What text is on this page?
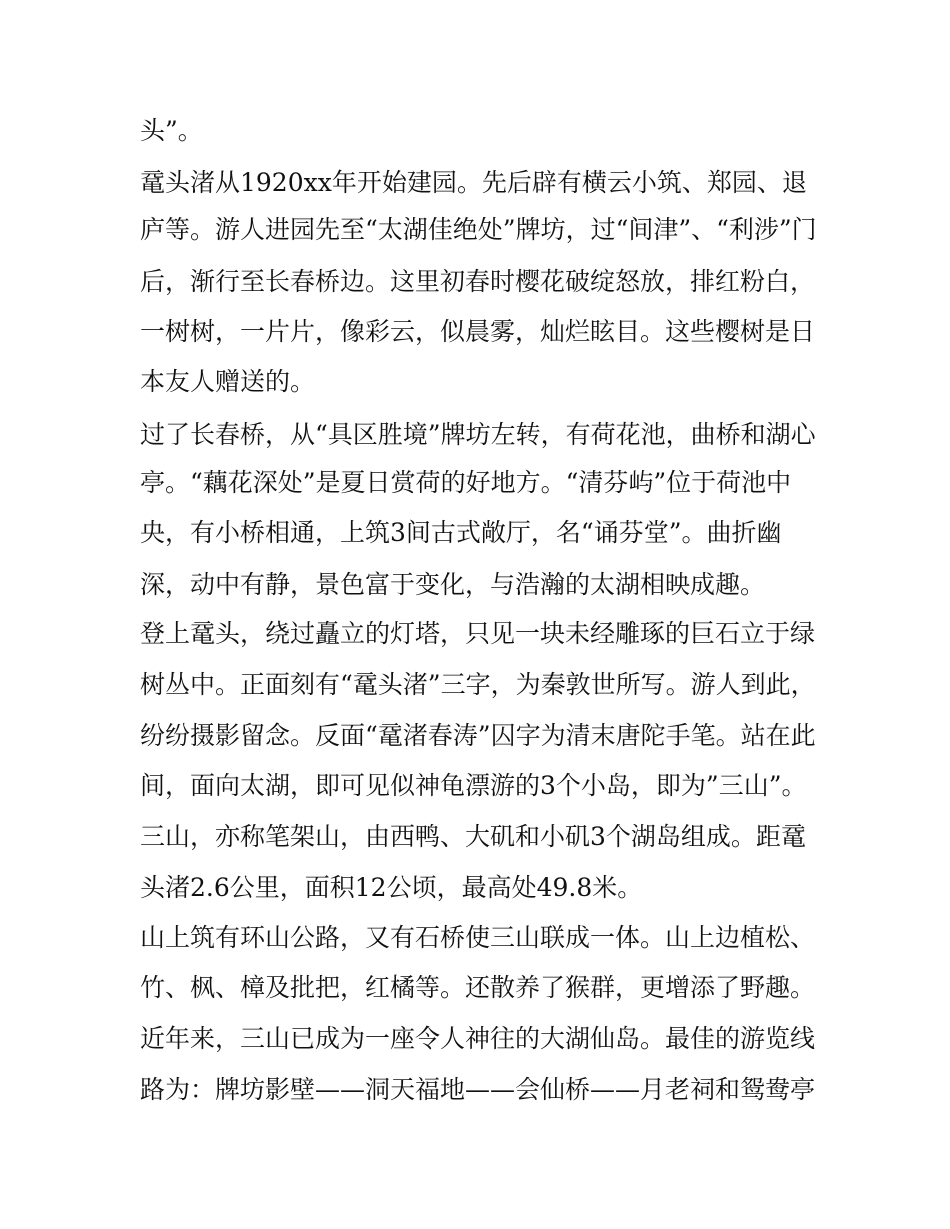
头”。
鼋头渚从1920xx年开始建园。先后辟有横云小筑、郑园、退
庐等。游人进园先至“太湖佳绝处”牌坊，过“间津”、“利涉”门
后，渐行至长春桥边。这里初春时樱花破绽怒放，排红粉白，
一树树，一片片，像彩云，似晨雾，灿烂眩目。这些樱树是日
本友人赠送的。
过了长春桥，从“具区胜境”牌坊左转，有荷花池，曲桥和湖心
亭。“藕花深处”是夏日赏荷的好地方。“清芬屿”位于荷池中
央，有小桥相通，上筑3间古式敞厅，名“诵芬堂”。曲折幽
深，动中有静，景色富于变化，与浩瀚的太湖相映成趣。
登上鼋头，绕过矗立的灯塔，只见一块未经雕琢的巨石立于绿
树丛中。正面刻有“鼋头渚”三字，为秦敦世所写。游人到此，
纷纷摄影留念。反面“鼋渚春涛”囚字为清末唐陀手笔。站在此
间，面向太湖，即可见似神龟漂游的3个小岛，即为”三山”。
三山，亦称笔架山，由西鸭、大矶和小矶3个湖岛组成。距鼋
头渚2.6公里，面积12公顷，最高处49.8米。
山上筑有环山公路，又有石桥使三山联成一体。山上边植松、
竹、枫、樟及批把，红橘等。还散养了猴群，更增添了野趣。
近年来，三山已成为一座令人神往的大湖仙岛。最佳的游览线
路为：牌坊影壁——洞天福地——会仙桥——月老祠和鸳鸯亭
